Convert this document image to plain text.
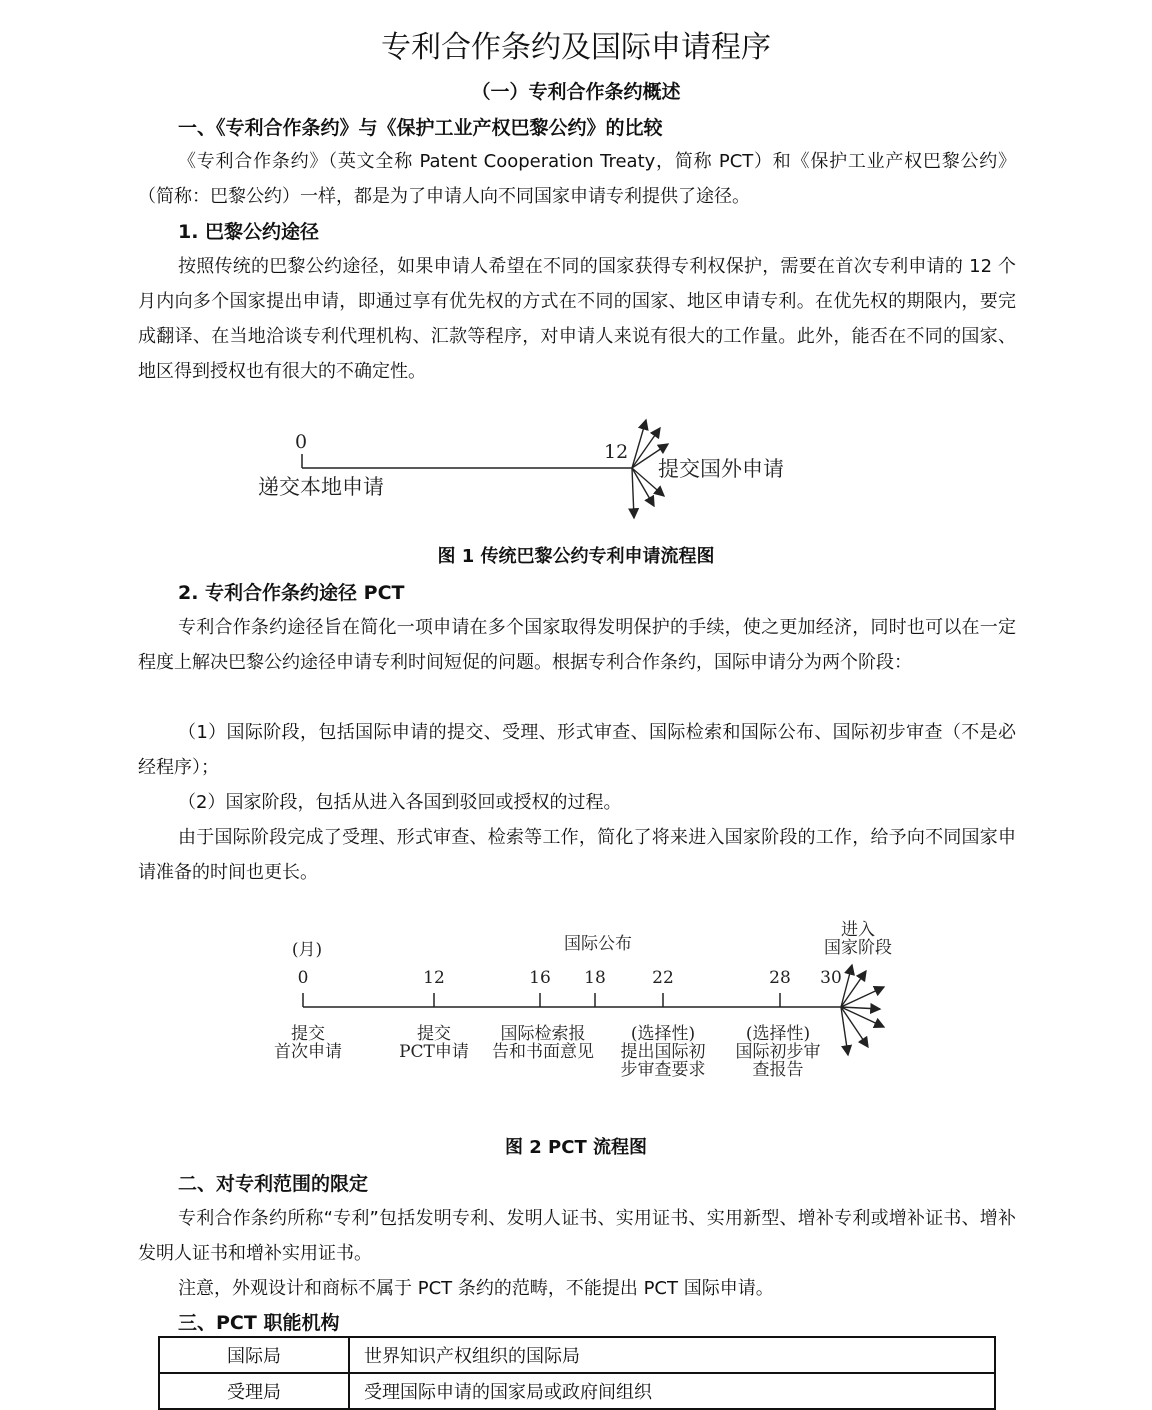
专利合作条约及国际申请程序
（一）专利合作条约概述
一、《专利合作条约》与《保护工业产权巴黎公约》的比较
《专利合作条约》（英文全称 Patent Cooperation Treaty，简称 PCT）和《保护工业产权巴黎公约》（简称：巴黎公约）一样，都是为了申请人向不同国家申请专利提供了途径。
1. 巴黎公约途径
按照传统的巴黎公约途径，如果申请人希望在不同的国家获得专利权保护，需要在首次专利申请的 12 个月内向多个国家提出申请，即通过享有优先权的方式在不同的国家、地区申请专利。在优先权的期限内，要完成翻译、在当地洽谈专利代理机构、汇款等程序，对申请人来说有很大的工作量。此外，能否在不同的国家、地区得到授权也有很大的不确定性。
0	12
递交本地申请
提交国外申请
图 1 传统巴黎公约专利申请流程图
2. 专利合作条约途径 PCT
专利合作条约途径旨在简化一项申请在多个国家取得发明保护的手续，使之更加经济，同时也可以在一定程度上解决巴黎公约途径申请专利时间短促的问题。根据专利合作条约，国际申请分为两个阶段：
（1）国际阶段，包括国际申请的提交、受理、形式审查、国际检索和国际公布、国际初步审查（不是必经程序）；
（2）国家阶段，包括从进入各国到驳回或授权的过程。
由于国际阶段完成了受理、形式审查、检索等工作，简化了将来进入国家阶段的工作，给予向不同国家申请准备的时间也更长。
(月)	国际公布
进入
国家阶段
0	12	16 18	22	28 30
提交
首次申请
提交
PCT申请
国际检索报
告和书面意见
(选择性)
提出国际初
步审查要求
(选择性)
国际初步审
查报告
图 2 PCT 流程图
二、对专利范围的限定
专利合作条约所称“专利”包括发明专利、发明人证书、实用证书、实用新型、增补专利或增补证书、增补发明人证书和增补实用证书。
注意，外观设计和商标不属于 PCT 条约的范畴，不能提出 PCT 国际申请。
三、PCT 职能机构
国际局	世界知识产权组织的国际局
受理局	受理国际申请的国家局或政府间组织
